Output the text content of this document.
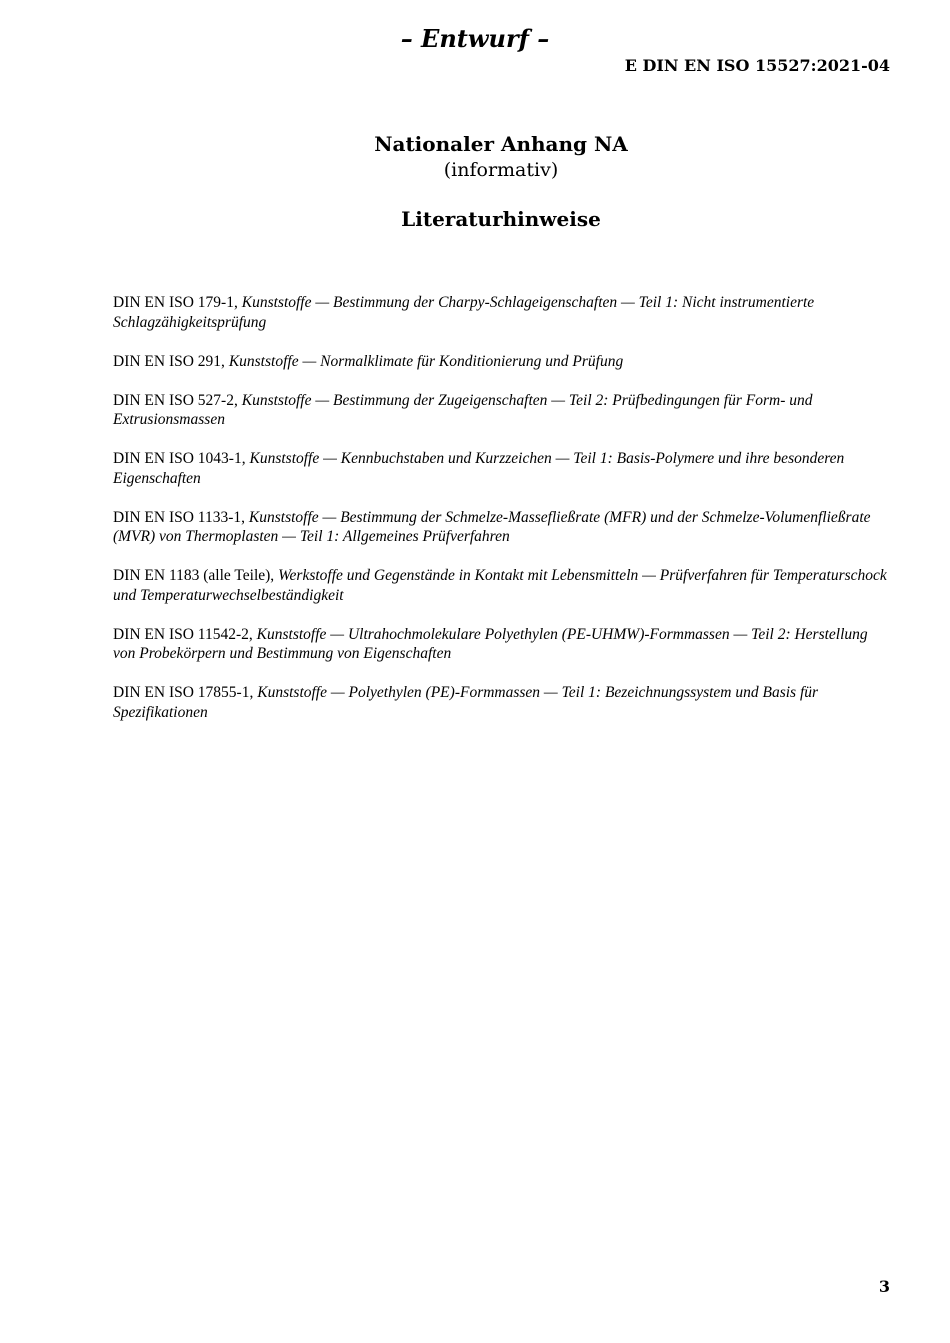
– Entwurf –
E DIN EN ISO 15527:2021-04
Nationaler Anhang NA
(informativ)
Literaturhinweise
DIN EN ISO 179-1, Kunststoffe — Bestimmung der Charpy-Schlageigenschaften — Teil 1: Nicht instrumentierte Schlagzähigkeitsprüfung
DIN EN ISO 291, Kunststoffe — Normalklimate für Konditionierung und Prüfung
DIN EN ISO 527-2, Kunststoffe — Bestimmung der Zugeigenschaften — Teil 2: Prüfbedingungen für Form- und Extrusionsmassen
DIN EN ISO 1043-1, Kunststoffe — Kennbuchstaben und Kurzzeichen — Teil 1: Basis-Polymere und ihre besonderen Eigenschaften
DIN EN ISO 1133-1, Kunststoffe — Bestimmung der Schmelze-Massefließrate (MFR) und der Schmelze-Volumenfließrate (MVR) von Thermoplasten — Teil 1: Allgemeines Prüfverfahren
DIN EN 1183 (alle Teile), Werkstoffe und Gegenstände in Kontakt mit Lebensmitteln — Prüfverfahren für Temperaturschock und Temperaturwechselbeständigkeit
DIN EN ISO 11542-2, Kunststoffe — Ultrahochmolekulare Polyethylen (PE-UHMW)-Formmassen — Teil 2: Herstellung von Probekörpern und Bestimmung von Eigenschaften
DIN EN ISO 17855-1, Kunststoffe — Polyethylen (PE)-Formmassen — Teil 1: Bezeichnungssystem und Basis für Spezifikationen
3
